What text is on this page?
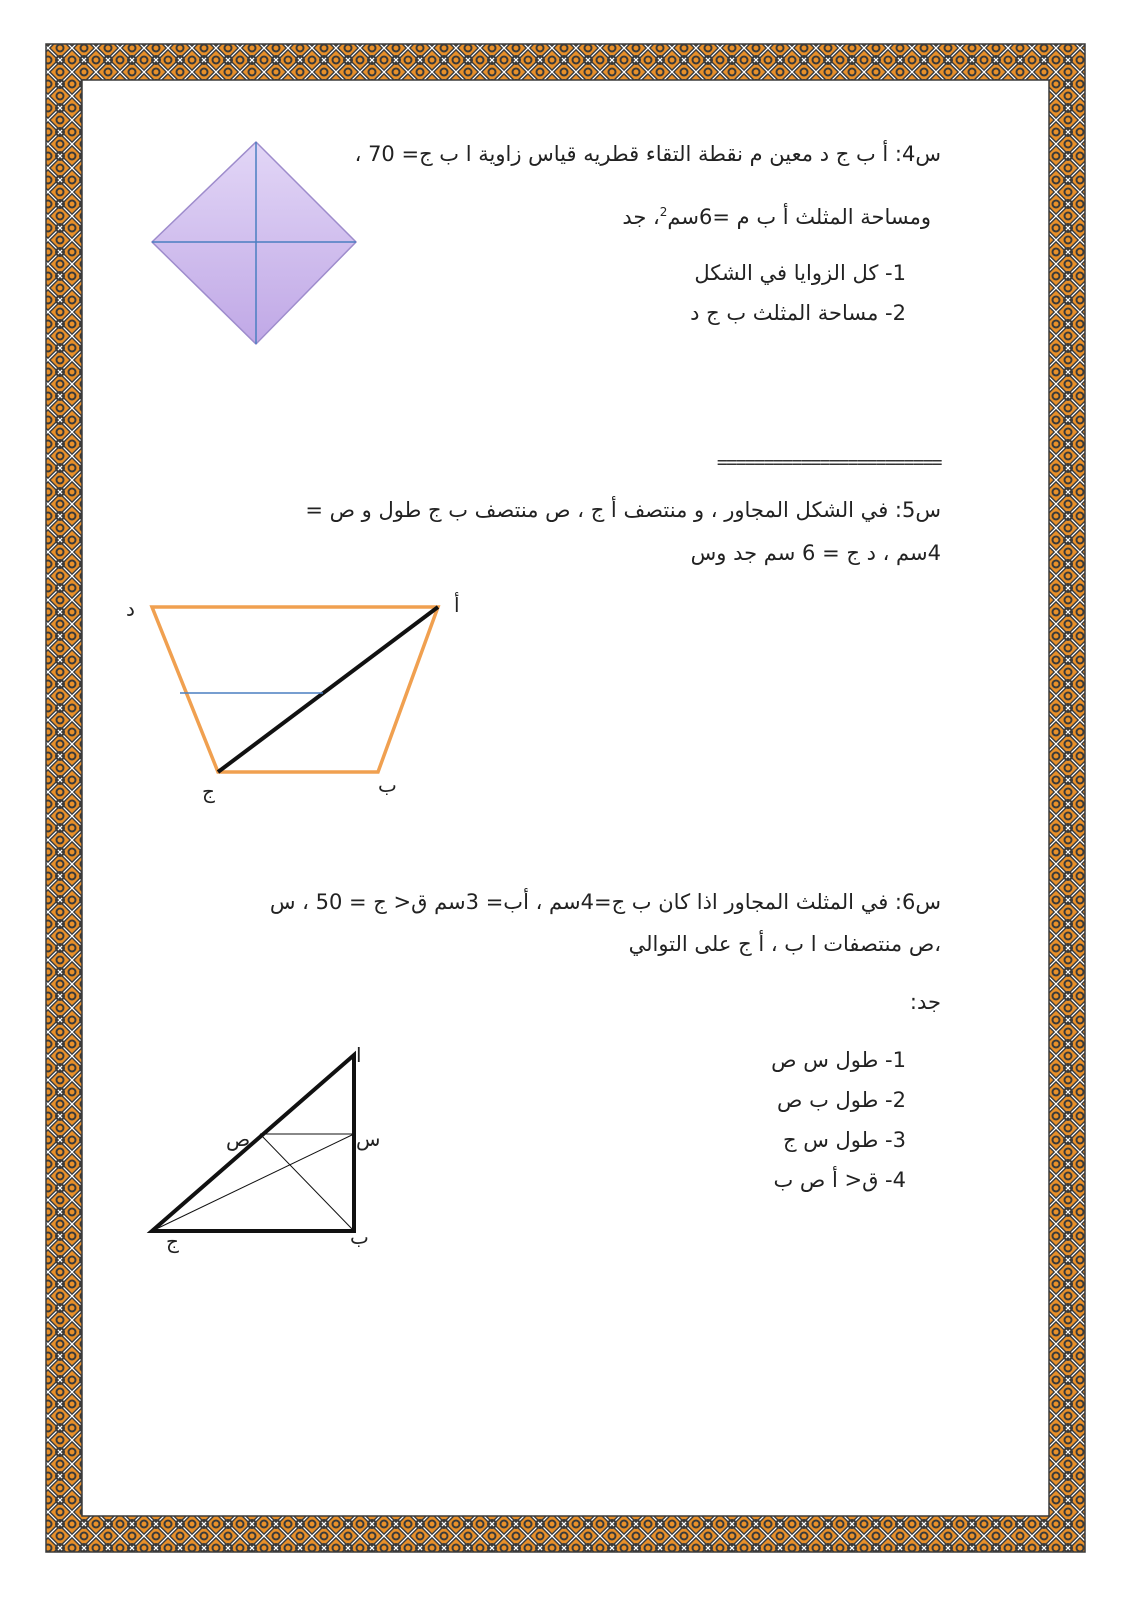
س4: أ ب ج د معين م نقطة التقاء قطريه قياس زاوية ا ب ج= 70 ،
ومساحة المثلث أ ب م =6سم$^2$، جد
1- كل الزوايا في الشكل
2- مساحة المثلث ب ج د
========================
س5: في الشكل المجاور ، و منتصف أ ج ، ص منتصف ب ج طول و ص =
4سم ، د ج = 6 سم جد وس
د	أ
ب
ج
س6: في المثلث المجاور اذا كان ب ج=4سم ، أب= 3سم ق< ج = 50 ، س
،ص منتصفات ا ب ، أ ج على التوالي
جد:
1- طول س ص
2- طول ب ص
3- طول س ج
4- ق< أ ص ب
ا
س
ص
ب
ج
